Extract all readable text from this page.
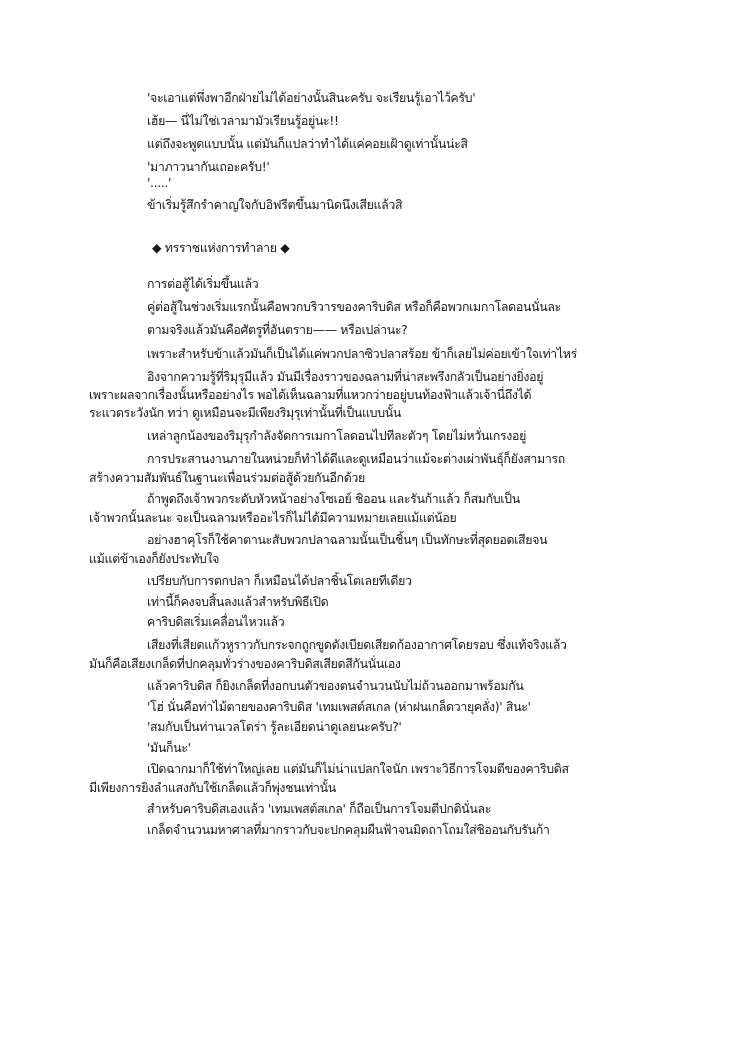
'จะเอาแต่พึ่งพาอีกฝ่ายไม่ได้อย่างนั้นสินะครับ จะเรียนรู้เอาไว้ครับ'
เฮ้ย— นี่ไม่ใช่เวลามามัวเรียนรู้อยู่นะ!!
แต่ถึงจะพูดแบบนั้น แต่มันก็แปลว่าทำได้แค่คอยเฝ้าดูเท่านั้นน่ะสิ
'มาภาวนากันเถอะครับ!'
'.....'
ข้าเริ่มรู้สึกรำคาญใจกับอิฟรีตขึ้นมานิดนึงเสียแล้วสิ
◆ ทรราชแห่งการทำลาย ◆
การต่อสู้ได้เริ่มขึ้นแล้ว
คู่ต่อสู้ในช่วงเริ่มแรกนั้นคือพวกบริวารของคาริบดิส หรือก็คือพวกเมกาโลดอนนั่นละ
ตามจริงแล้วมันคือศัตรูที่อันตราย—— หรือเปล่านะ?
เพราะสำหรับข้าแล้วมันก็เป็นได้แค่พวกปลาซิวปลาสร้อย ข้าก็เลยไม่ค่อยเข้าใจเท่าไหร่
อิงจากความรู้ที่ริมุรุมีแล้ว มันมีเรื่องราวของฉลามที่น่าสะพรึงกลัวเป็นอย่างยิ่งอยู่
เพราะผลจากเรื่องนั้นหรืออย่างไร พอได้เห็นฉลามที่แหวกว่ายอยู่บนท้องฟ้าแล้วเจ้านี่ถึงได้
ระแวดระวังนัก ทว่า ดูเหมือนจะมีเพียงริมุรุเท่านั้นที่เป็นแบบนั้น
เหล่าลูกน้องของริมุรุกำลังจัดการเมกาโลดอนไปทีละตัวๆ โดยไม่หวั่นเกรงอยู่
การประสานงานภายในหน่วยก็ทำได้ดีและดูเหมือนว่าแม้จะต่างเผ่าพันธุ์ก็ยังสามารถ
สร้างความสัมพันธ์ในฐานะเพื่อนร่วมต่อสู้ด้วยกันอีกด้วย
ถ้าพูดถึงเจ้าพวกระดับหัวหน้าอย่างโซเอย์ ชิออน และรันก้าแล้ว ก็สมกับเป็น
เจ้าพวกนั้นละนะ จะเป็นฉลามหรืออะไรก็ไม่ได้มีความหมายเลยแม้แต่น้อย
อย่างฮาคุโรก็ใช้คาตานะสับพวกปลาฉลามนั้นเป็นชิ้นๆ เป็นทักษะที่สุดยอดเสียจน
แม้แต่ข้าเองก็ยังประทับใจ
เปรียบกับการตกปลา ก็เหมือนได้ปลาชิ้นโตเลยทีเดียว
เท่านี้ก็คงจบสิ้นลงแล้วสำหรับพิธีเปิด
คาริบดิสเริ่มเคลื่อนไหวแล้ว
เสียงที่เสียดแก้วหูราวกับกระจกถูกขูดดังเบียดเสียดก้องอากาศโดยรอบ ซึ่งแท้จริงแล้ว
มันก็คือเสียงเกล็ดที่ปกคลุมทั่วร่างของคาริบดิสเสียดสีกันนั่นเอง
แล้วคาริบดิส ก็ยิงเกล็ดที่งอกบนตัวของตนจำนวนนับไม่ถ้วนออกมาพร้อมกัน
'โฮ่ นั่นคือท่าไม้ตายของคาริบดิส 'เทมเพสต์สเกล (ห่าฝนเกล็ดวายุคลั่ง)' สินะ'
'สมกับเป็นท่านเวลโดร่า รู้ละเอียดน่าดูเลยนะครับ?'
'มันก็นะ'
เปิดฉากมาก็ใช้ท่าใหญ่เลย แต่มันก็ไม่น่าแปลกใจนัก เพราะวิธีการโจมตีของคาริบดิส
มีเพียงการยิงลำแสงกับใช้เกล็ดแล้วก็พุ่งชนเท่านั้น
สำหรับคาริบดิสเองแล้ว 'เทมเพสต์สเกล' ก็ถือเป็นการโจมตีปกตินั่นละ
เกล็ดจำนวนมหาศาลที่มากราวกับจะปกคลุมผืนฟ้าจนมิดถาโถมใส่ชิออนกับรันก้า
